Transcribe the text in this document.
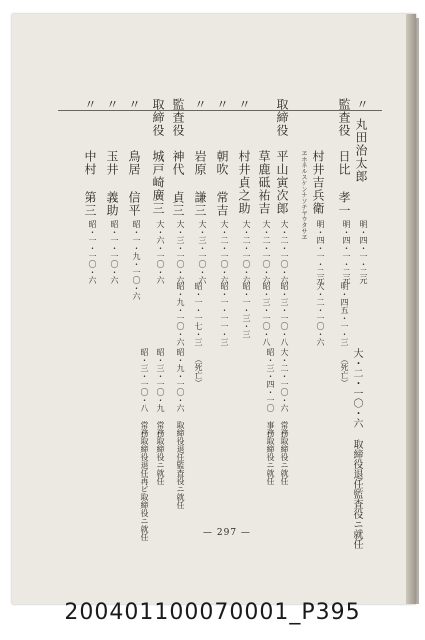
〃
丸田治太郎
明・四・一・二元
大・二・一〇・六 取締役退任監査役ニ就任
監査役
日比 孝一
明・四・一・二元
明・四五・一・三 （死亡）
村井吉兵衛
明・四・一・二元
大・二・一〇・六
取締役
ヱホネルスケンナソチヤウタサヱ
平山寅次郎
大・二・一〇・六
昭・三・一〇・八
草鹿砥祐吉
大・二・一〇・六
昭・三・一〇・八
大・二・一〇・六 常務取締役ニ就任
昭・三・四・一〇 事務取締役ニ就任
〃
村井貞之助
大・二・一〇・六
昭・一・三・三
〃
朝吹 常吉
大・二・一〇・六
昭・一・一一・三
〃
岩原 謙三
大・三・一〇・六
昭・一・一七・三 （死亡）
監査役
神代 貞三
大・三・一〇・六
昭・九・一〇・六
昭・九・一〇・六 取締役退任監査役ニ就任
取締役
城戸崎廣三
大・六・一〇・六
昭・三・一〇・九 常務取締役ニ就任
昭・三・一〇・八 常務取締役退任再ビ取締役ニ就任
〃
鳥居 信平
昭・一・九・一〇・六
〃
玉井 義助
昭・一・一〇・六
〃
中村 第三
昭・一・一〇・六
— 297 —
200401100070001_P395
